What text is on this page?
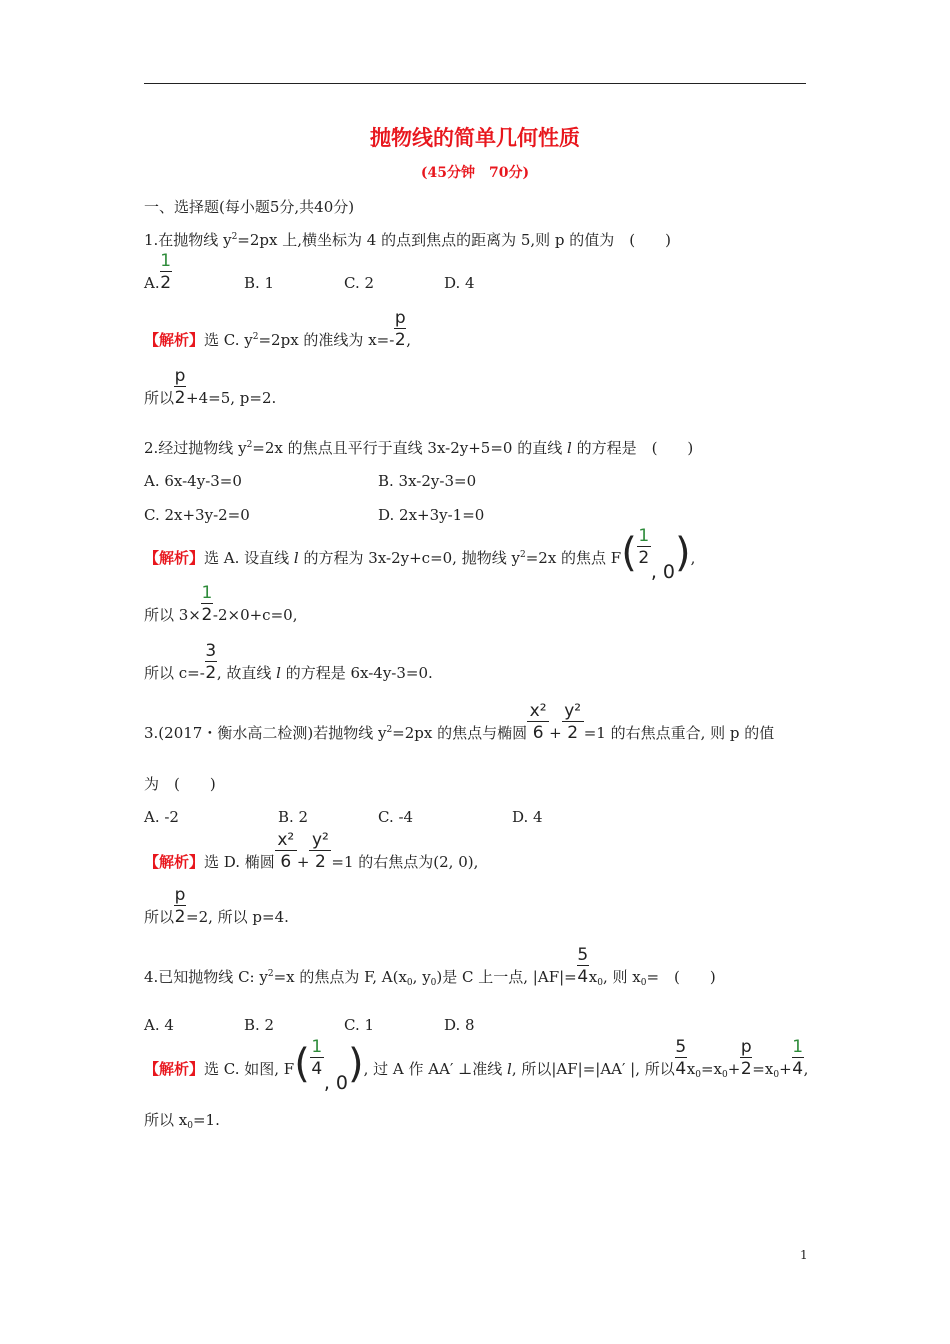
抛物线的简单几何性质
(45分钟　70分)
一、选择题(每小题5分,共40分)
1.在抛物线 $y^2=2px$ 上,横坐标为 4 的点到焦点的距离为 5,则 p 的值为　(　　)
A.
$\frac{1}{2}$
B. 1	C. 2	D. 4
【解析】选 C. $y^2=2px$ 的准线为 x=-
$\frac{p}{2}$
,
所以
$\frac{p}{2}$
+4=5, p=2.
2.经过抛物线 $y^2=2x$ 的焦点且平行于直线 3x-2y+5=0 的直线 l 的方程是　(　　)
A. 6x-4y-3=0	B. 3x-2y-3=0
C. 2x+3y-2=0	D. 2x+3y-1=0
【解析】选 A. 设直线 l 的方程为 3x-2y+c=0, 抛物线 $y^2=2x$ 的焦点 F(
$\frac{1}{2}$
, 0),
所以 3×
$\frac{1}{2}$
-2×0+c=0,
所以 c=-
$\frac{3}{2}$
, 故直线 l 的方程是 6x-4y-3=0.
3.(2017・衡水高二检测)若抛物线 $y^2=2px$ 的焦点与椭圆
$\frac{\text{x²}}{6}$
+
$\frac{\text{y²}}{2}$
=1 的右焦点重合, 则 p 的值
为　(　　)
A. -2	B. 2	C. -4	D. 4
【解析】选 D. 椭圆
$\frac{\text{x²}}{6}$
+
$\frac{\text{y²}}{2}$
=1 的右焦点为(2, 0),
所以
$\frac{p}{2}$
=2, 所以 p=4.
4.已知抛物线 C: $y^2=x$ 的焦点为 F, $A(x_0$, $y_0$)是 C 上一点, |AF|=
$\frac{5}{4}$
$x_0$, 则 $x_0=$　(　　)
A. 4	B. 2	C. 1	D. 8
【解析】选 C. 如图, F(
$\frac{1}{4}$
, 0), 过 A 作 AA′ ⊥准线 l, 所以|AF|=|AA′ |, 所以
$\frac{5}{4}$
$x_0=x_0+$
$\frac{p}{2}$
$=x_0+$
$\frac{1}{4}$
,
所以 $x_0=1$.
1
